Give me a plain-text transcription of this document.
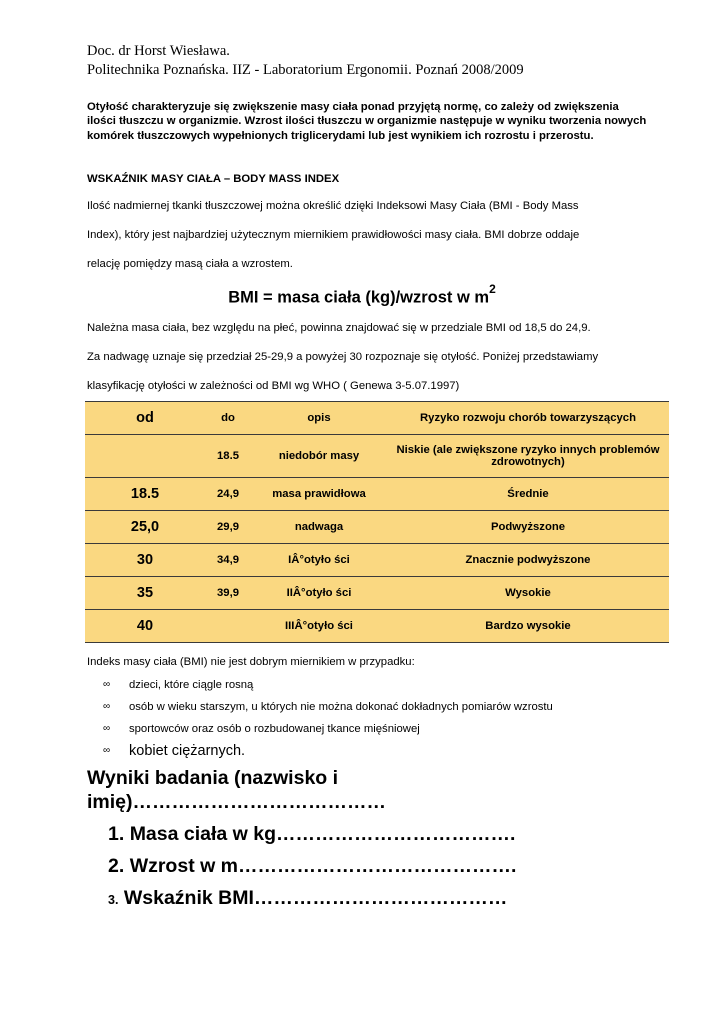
Doc. dr Horst Wiesława.
Politechnika Poznańska. IIZ - Laboratorium Ergonomii. Poznań 2008/2009
Otyłość charakteryzuje się zwiększenie masy ciała ponad przyjętą normę, co zależy od zwiększenia ilości tłuszczu w organizmie. Wzrost ilości tłuszczu w organizmie następuje w wyniku tworzenia nowych komórek tłuszczowych wypełnionych triglicerydami lub jest wynikiem ich rozrostu i przerostu.
WSKAŹNIK MASY CIAŁA – BODY MASS INDEX
Ilość nadmiernej tkanki tłuszczowej można określić dzięki Indeksowi Masy Ciała (BMI - Body Mass
Index), który jest najbardziej użytecznym miernikiem prawidłowości masy ciała. BMI dobrze oddaje
relację pomiędzy masą ciała a wzrostem.
BMI = masa ciała (kg)/wzrost w $m^2$
Należna masa ciała, bez względu na płeć, powinna znajdować się w przedziale BMI od 18,5 do 24,9.
Za nadwagę uznaje się przedział 25-29,9 a powyżej 30 rozpoznaje się otyłość. Poniżej przedstawiamy
klasyfikację otyłości w zależności od BMI wg WHO ( Genewa 3-5.07.1997)
od	do	opis	Ryzyko rozwoju chorób towarzyszących
	18.5	niedobór masy	Niskie (ale zwiększone ryzyko innych problemów zdrowotnych)
18.5	24,9	masa prawidłowa	Średnie
25,0	29,9	nadwaga	Podwyższone
30	34,9	IÂ°otyło ści	Znacznie podwyższone
35	39,9	IIÂ°otyło ści	Wysokie
40		IIIÂ°otyło ści	Bardzo wysokie
Indeks masy ciała (BMI) nie jest dobrym miernikiem w przypadku:
∞ dzieci, które ciągle rosną
∞ osób w wieku starszym, u których nie można dokonać dokładnych pomiarów wzrostu
∞ sportowców oraz osób o rozbudowanej tkance mięśniowej
∞ kobiet ciężarnych.
Wyniki badania (nazwisko i imię)…………………………………
1. Masa ciała w kg……………………………….
2. Wzrost w m…………………………………….
3. Wskaźnik BMI…………………………………
